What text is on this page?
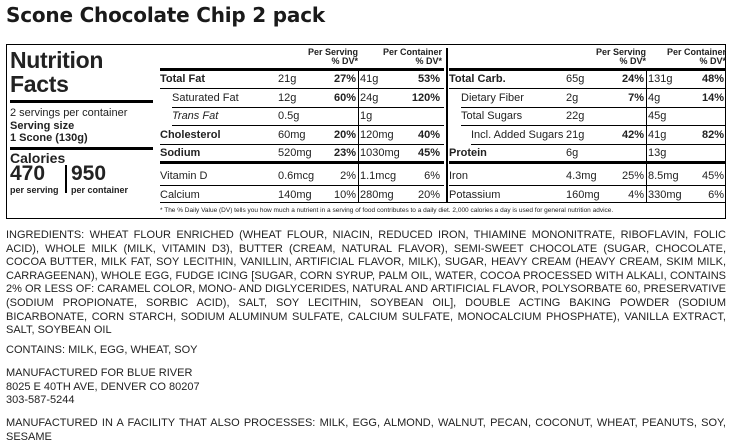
Scone Chocolate Chip 2 pack
Nutrition
Facts
2 servings per container
Serving size
1 Scone (130g)
Calories
470 950
per serving per container
Per Serving
% DV*
Per Container
% DV*
Total Fat	21g	27% 41g	53%
Saturated Fat	12g	60% 24g	120%
Trans Fat	0.5g	1g
Cholesterol	60mg	20% 120mg	40%
Sodium	520mg	23% 1030mg	45%
Vitamin D	0.6mcg	2% 1.1mcg	6%
Calcium	140mg	10% 280mg	20%
Per Serving
% DV*
Per Container
% DV*
Total Carb.	65g	24% 131g	48%
Dietary Fiber	2g	7% 4g	14%
Total Sugars	22g	45g
Incl. Added Sugars 21g	42% 41g	82%
Protein	6g	13g
Iron	4.3mg	25% 8.5mg	45%
Potassium	160mg	4% 330mg	6%
* The % Daily Value (DV) tells you how much a nutrient in a serving of food contributes to a daily diet. 2,000 calories a day is used for general nutrition advice.
INGREDIENTS: WHEAT FLOUR ENRICHED (WHEAT FLOUR, NIACIN, REDUCED IRON, THIAMINE MONONITRATE, RIBOFLAVIN, FOLIC ACID), WHOLE MILK (MILK, VITAMIN D3), BUTTER (CREAM, NATURAL FLAVOR), SEMI-SWEET CHOCOLATE (SUGAR, CHOCOLATE, COCOA BUTTER, MILK FAT, SOY LECITHIN, VANILLIN, ARTIFICIAL FLAVOR, MILK), SUGAR, HEAVY CREAM (HEAVY CREAM, SKIM MILK, CARRAGEENAN), WHOLE EGG, FUDGE ICING [SUGAR, CORN SYRUP, PALM OIL, WATER, COCOA PROCESSED WITH ALKALI, CONTAINS 2% OR LESS OF: CARAMEL COLOR, MONO- AND DIGLYCERIDES, NATURAL AND ARTIFICIAL FLAVOR, POLYSORBATE 60, PRESERVATIVE (SODIUM PROPIONATE, SORBIC ACID), SALT, SOY LECITHIN, SOYBEAN OIL], DOUBLE ACTING BAKING POWDER (SODIUM BICARBONATE, CORN STARCH, SODIUM ALUMINUM SULFATE, CALCIUM SULFATE, MONOCALCIUM PHOSPHATE), VANILLA EXTRACT, SALT, SOYBEAN OIL
CONTAINS: MILK, EGG, WHEAT, SOY
MANUFACTURED FOR BLUE RIVER
8025 E 40TH AVE, DENVER CO 80207
303-587-5244
MANUFACTURED IN A FACILITY THAT ALSO PROCESSES: MILK, EGG, ALMOND, WALNUT, PECAN, COCONUT, WHEAT, PEANUTS, SOY, SESAME
